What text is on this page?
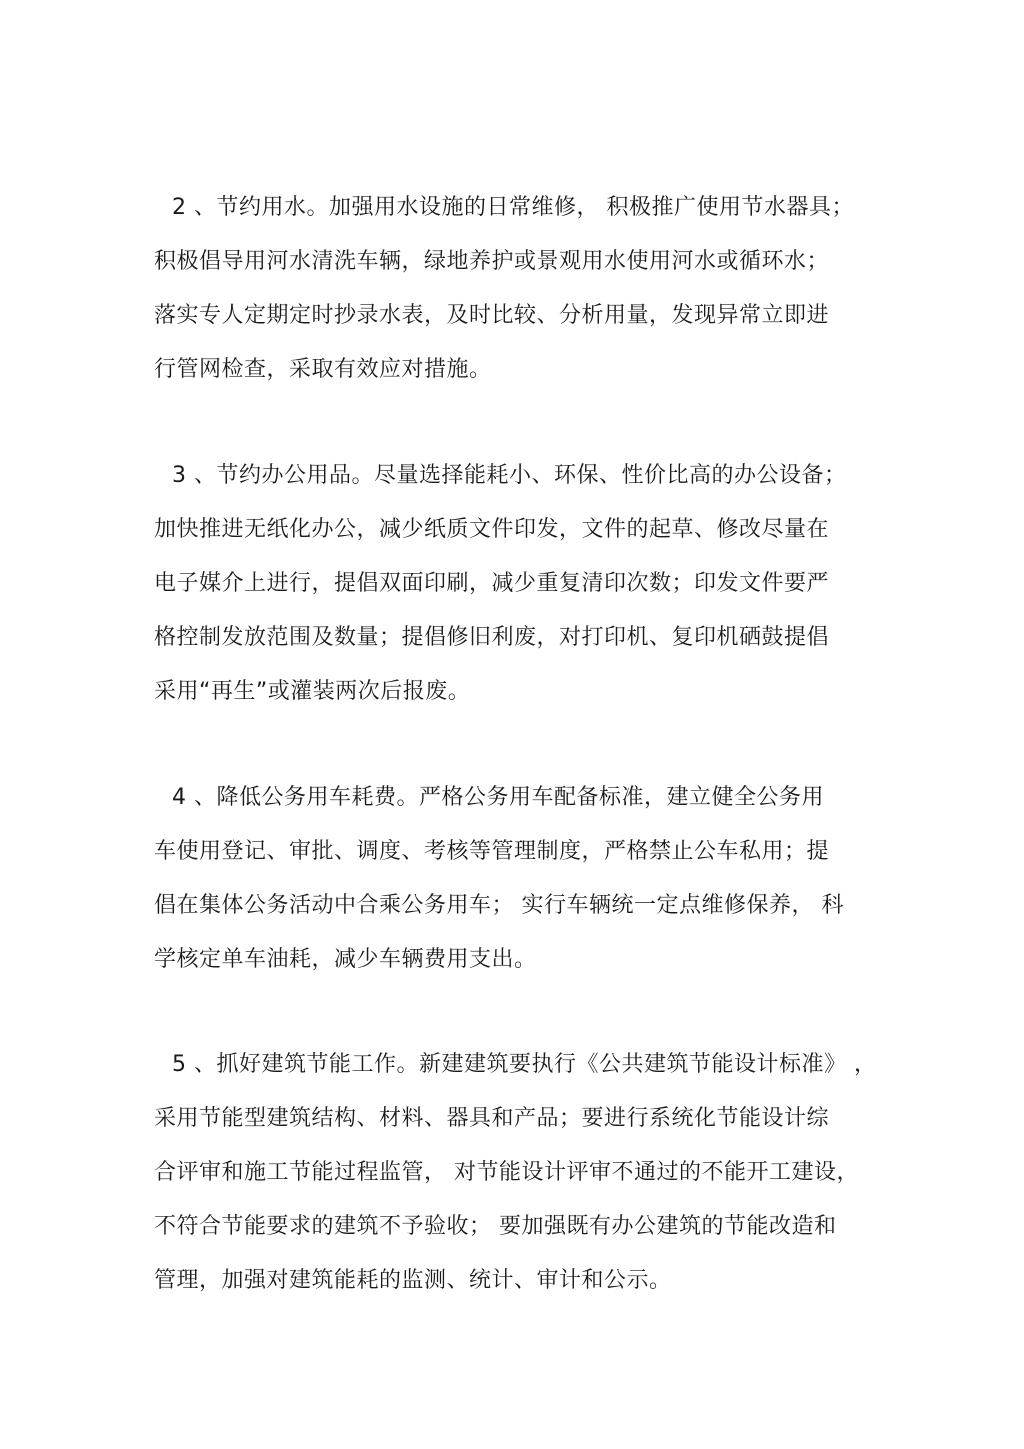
2 、节约用水。加强用水设施的日常维修， 积极推广使用节水器具；
积极倡导用河水清洗车辆，绿地养护或景观用水使用河水或循环水；
落实专人定期定时抄录水表，及时比较、分析用量，发现异常立即进
行管网检查，采取有效应对措施。
3 、节约办公用品。尽量选择能耗小、环保、性价比高的办公设备；
加快推进无纸化办公，减少纸质文件印发，文件的起草、修改尽量在
电子媒介上进行，提倡双面印刷，减少重复清印次数；印发文件要严
格控制发放范围及数量；提倡修旧利废，对打印机、复印机硒鼓提倡
采用“再生”或灌装两次后报废。
4 、降低公务用车耗费。严格公务用车配备标准，建立健全公务用
车使用登记、审批、调度、考核等管理制度，严格禁止公车私用；提
倡在集体公务活动中合乘公务用车； 实行车辆统一定点维修保养， 科
学核定单车油耗，减少车辆费用支出。
5 、抓好建筑节能工作。新建建筑要执行《公共建筑节能设计标准》 ，
采用节能型建筑结构、材料、器具和产品；要进行系统化节能设计综
合评审和施工节能过程监管， 对节能设计评审不通过的不能开工建设，
不符合节能要求的建筑不予验收； 要加强既有办公建筑的节能改造和
管理，加强对建筑能耗的监测、统计、审计和公示。
